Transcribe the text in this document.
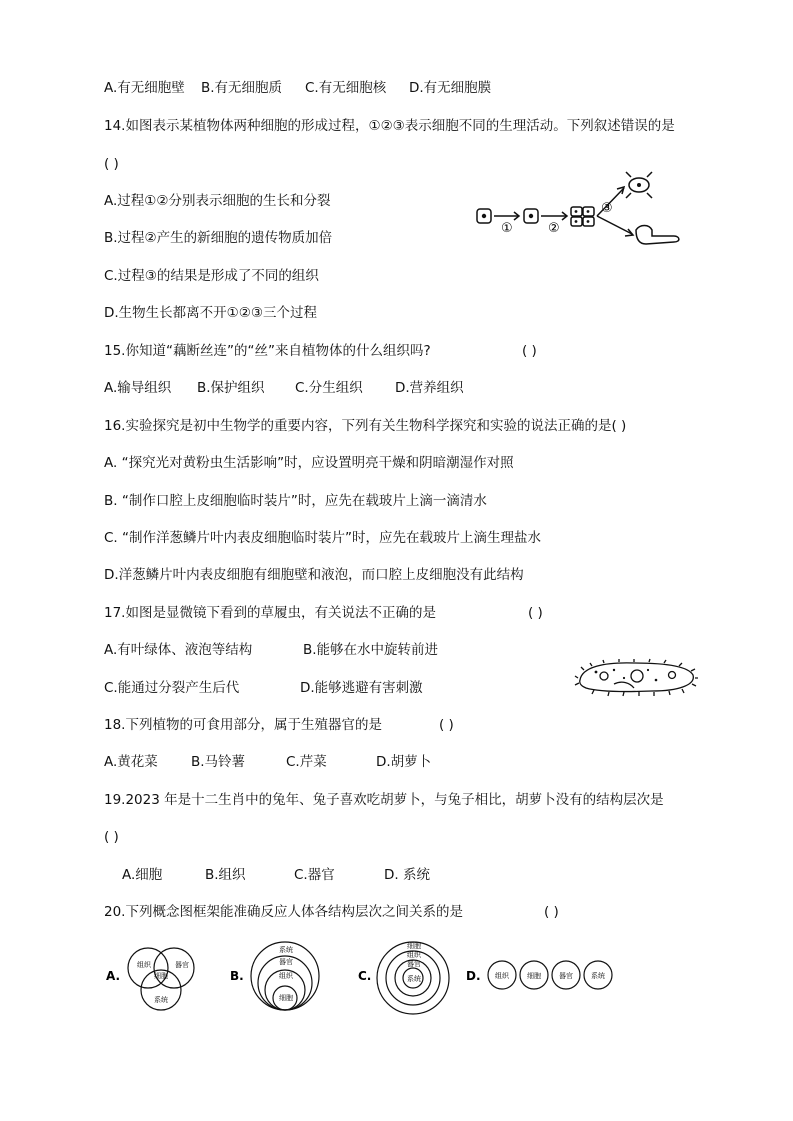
A.有无细胞壁 B.有无细胞质 C.有无细胞核 D.有无细胞膜
14.如图表示某植物体两种细胞的形成过程，①②③表示细胞不同的生理活动。下列叙述错误的是
( )
A.过程①②分别表示细胞的生长和分裂
B.过程②产生的新细胞的遗传物质加倍
C.过程③的结果是形成了不同的组织
D.生物生长都离不开①②③三个过程
①	②
③
15.你知道“藕断丝连”的“丝”来自植物体的什么组织吗?	( )
A.输导组织 B.保护组织 C.分生组织 D.营养组织
16.实验探究是初中生物学的重要内容，下列有关生物科学探究和实验的说法正确的是( )
A. “探究光对黄粉虫生活影响”时，应设置明亮干燥和阴暗潮湿作对照
B. “制作口腔上皮细胞临时装片”时，应先在载玻片上滴一滴清水
C. “制作洋葱鳞片叶内表皮细胞临时装片”时，应先在载玻片上滴生理盐水
D.洋葱鳞片叶内表皮细胞有细胞壁和液泡，而口腔上皮细胞没有此结构
17.如图是显微镜下看到的草履虫，有关说法不正确的是	( )
A.有叶绿体、液泡等结构	B.能够在水中旋转前进
C.能通过分裂产生后代	D.能够逃避有害刺激
18.下列植物的可食用部分，属于生殖器官的是	( )
A.黄花菜 B.马铃薯	C.芹菜	D.胡萝卜
19.2023 年是十二生肖中的兔年、兔子喜欢吃胡萝卜，与兔子相比，胡萝卜没有的结构层次是
( )
A.细胞	B.组织	C.器官	D. 系统
20.下列概念图框架能准确反应人体各结构层次之间关系的是	( )
A.
组织	器官
系统
细胞	B.
系统
器官
组织
细胞
C.
细胞
组织
器官
系统	D. 组织	细胞	器官	系统
